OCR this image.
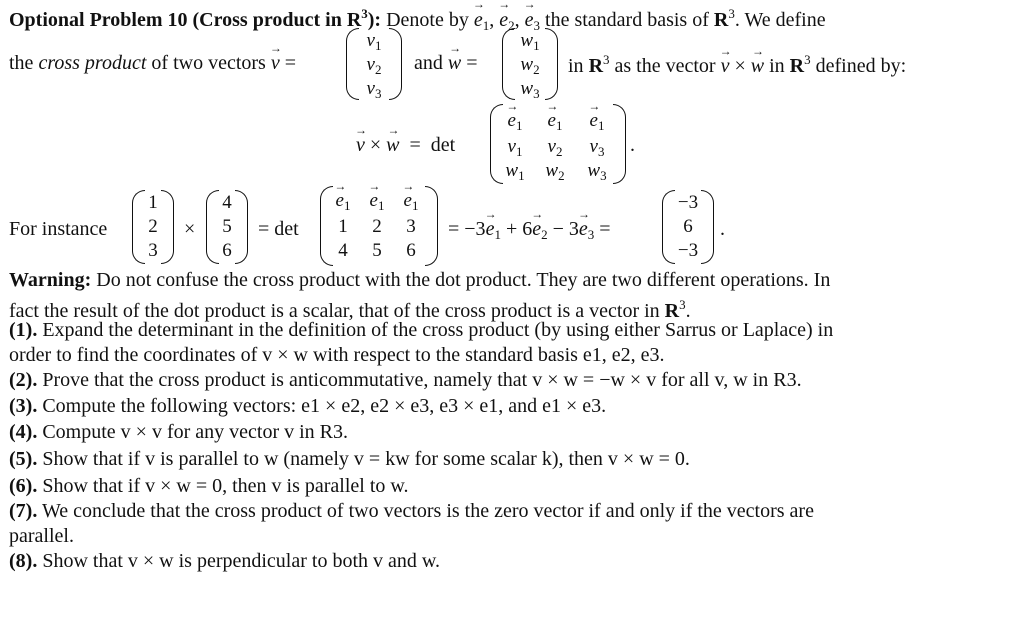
Optional Problem 10 (Cross product in $R^3$): Denote by → $e_1$, → $e_2$, → $e_3$ the standard basis of $R^3$. We define
the cross product of two vectors → v =
$v_1$
$v_2$
$v_3$
and → w =
$w_1$
$w_2$
$w_3$
in $R^3$ as the vector → v × → w in $R^3$ defined by:
→ v × → w  =  det
→ $e_1$	→ $e_1$	→ $e_1$
$v_1$	$v_2$	$v_3$
$w_1$ $w_2$ $w_3$
.
For instance
1
2
3
×
4
5
6
= det
→ $e_1$	→ $e_1$	→ $e_1$
1	2	3
4	5	6
= $-3\to e_1 + 6\to e_2 - 3\to e_3$ =
−3
6
−3
.
Warning: Do not confuse the cross product with the dot product. They are two different operations. In
fact the result of the dot product is a scalar, that of the cross product is a vector in $R^3$.
(1). Expand the determinant in the definition of the cross product (by using either Sarrus or Laplace) in
order to find the coordinates of v × w with respect to the standard basis e1, e2, e3.
(2). Prove that the cross product is anticommutative, namely that v × w = −w × v for all v, w in R3.
(3). Compute the following vectors: e1 × e2, e2 × e3, e3 × e1, and e1 × e3.
(4). Compute v × v for any vector v in R3.
(5). Show that if v is parallel to w (namely v = kw for some scalar k), then v × w = 0.
(6). Show that if v × w = 0, then v is parallel to w.
(7). We conclude that the cross product of two vectors is the zero vector if and only if the vectors are
parallel.
(8). Show that v × w is perpendicular to both v and w.
